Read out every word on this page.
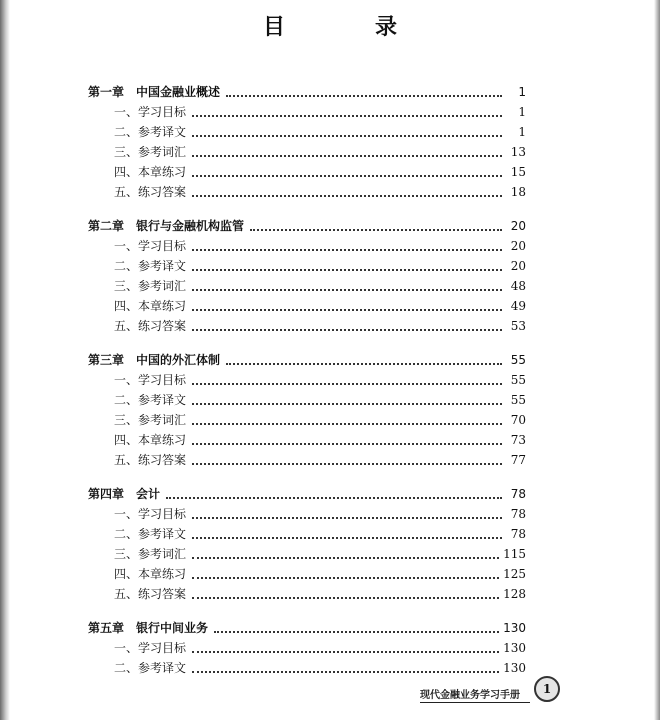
目　录
第一章　中国金融业概述	1
一、学习目标	1
二、参考译文	1
三、参考词汇	13
四、本章练习	15
五、练习答案	18
第二章　银行与金融机构监管	20
一、学习目标	20
二、参考译文	20
三、参考词汇	48
四、本章练习	49
五、练习答案	53
第三章　中国的外汇体制	55
一、学习目标	55
二、参考译文	55
三、参考词汇	70
四、本章练习	73
五、练习答案	77
第四章　会计	78
一、学习目标	78
二、参考译文	78
三、参考词汇	115
四、本章练习	125
五、练习答案	128
第五章　银行中间业务	130
一、学习目标	130
二、参考译文	130
现代金融业务学习手册	1
